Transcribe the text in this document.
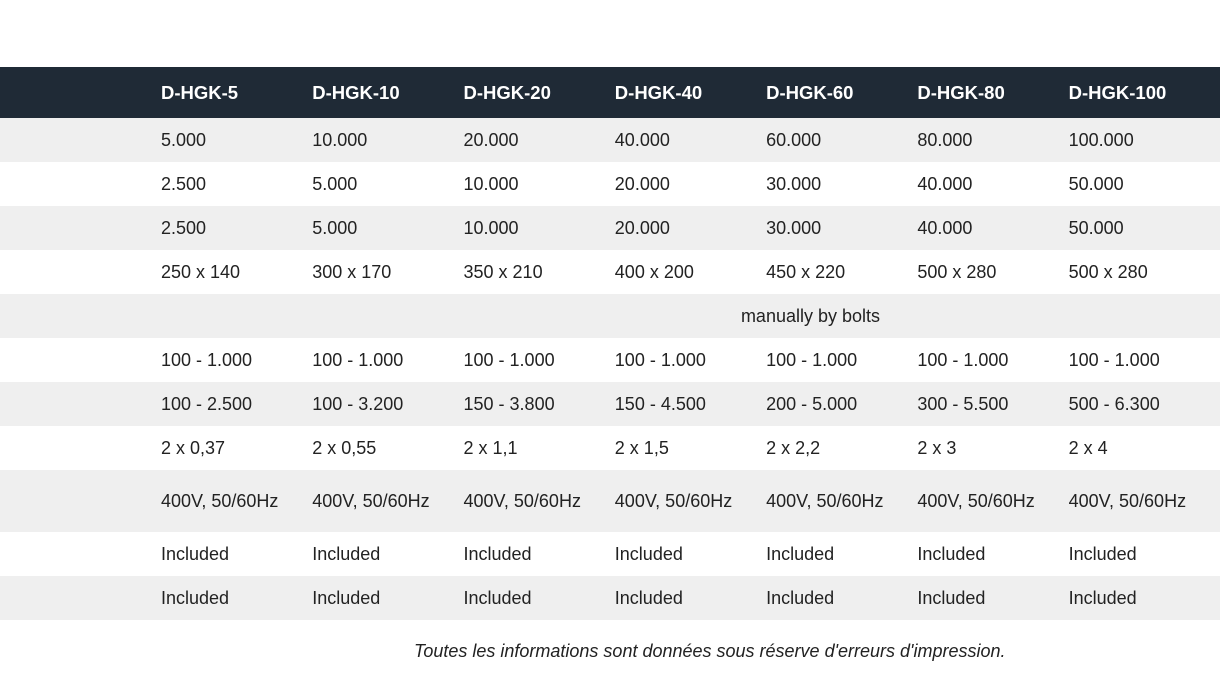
	D-HGK-5	D-HGK-10	D-HGK-20	D-HGK-40	D-HGK-60	D-HGK-80	D-HGK-100
	5.000	10.000	20.000	40.000	60.000	80.000	100.000
	2.500	5.000	10.000	20.000	30.000	40.000	50.000
	2.500	5.000	10.000	20.000	30.000	40.000	50.000
	250 x 140	300 x 170	350 x 210	400 x 200	450 x 220	500 x 280	500 x 280
	manually by bolts						
	100 - 1.000	100 - 1.000	100 - 1.000	100 - 1.000	100 - 1.000	100 - 1.000	100 - 1.000
	100 - 2.500	100 - 3.200	150 - 3.800	150 - 4.500	200 - 5.000	300 - 5.500	500 - 6.300
	2 x 0,37	2 x 0,55	2 x 1,1	2 x 1,5	2 x 2,2	2 x 3	2 x 4
	400V, 50/60Hz	400V, 50/60Hz	400V, 50/60Hz	400V, 50/60Hz	400V, 50/60Hz	400V, 50/60Hz	400V, 50/60Hz
	Included	Included	Included	Included	Included	Included	Included
	Included	Included	Included	Included	Included	Included	Included
Toutes les informations sont données sous réserve d'erreurs d'impression.
